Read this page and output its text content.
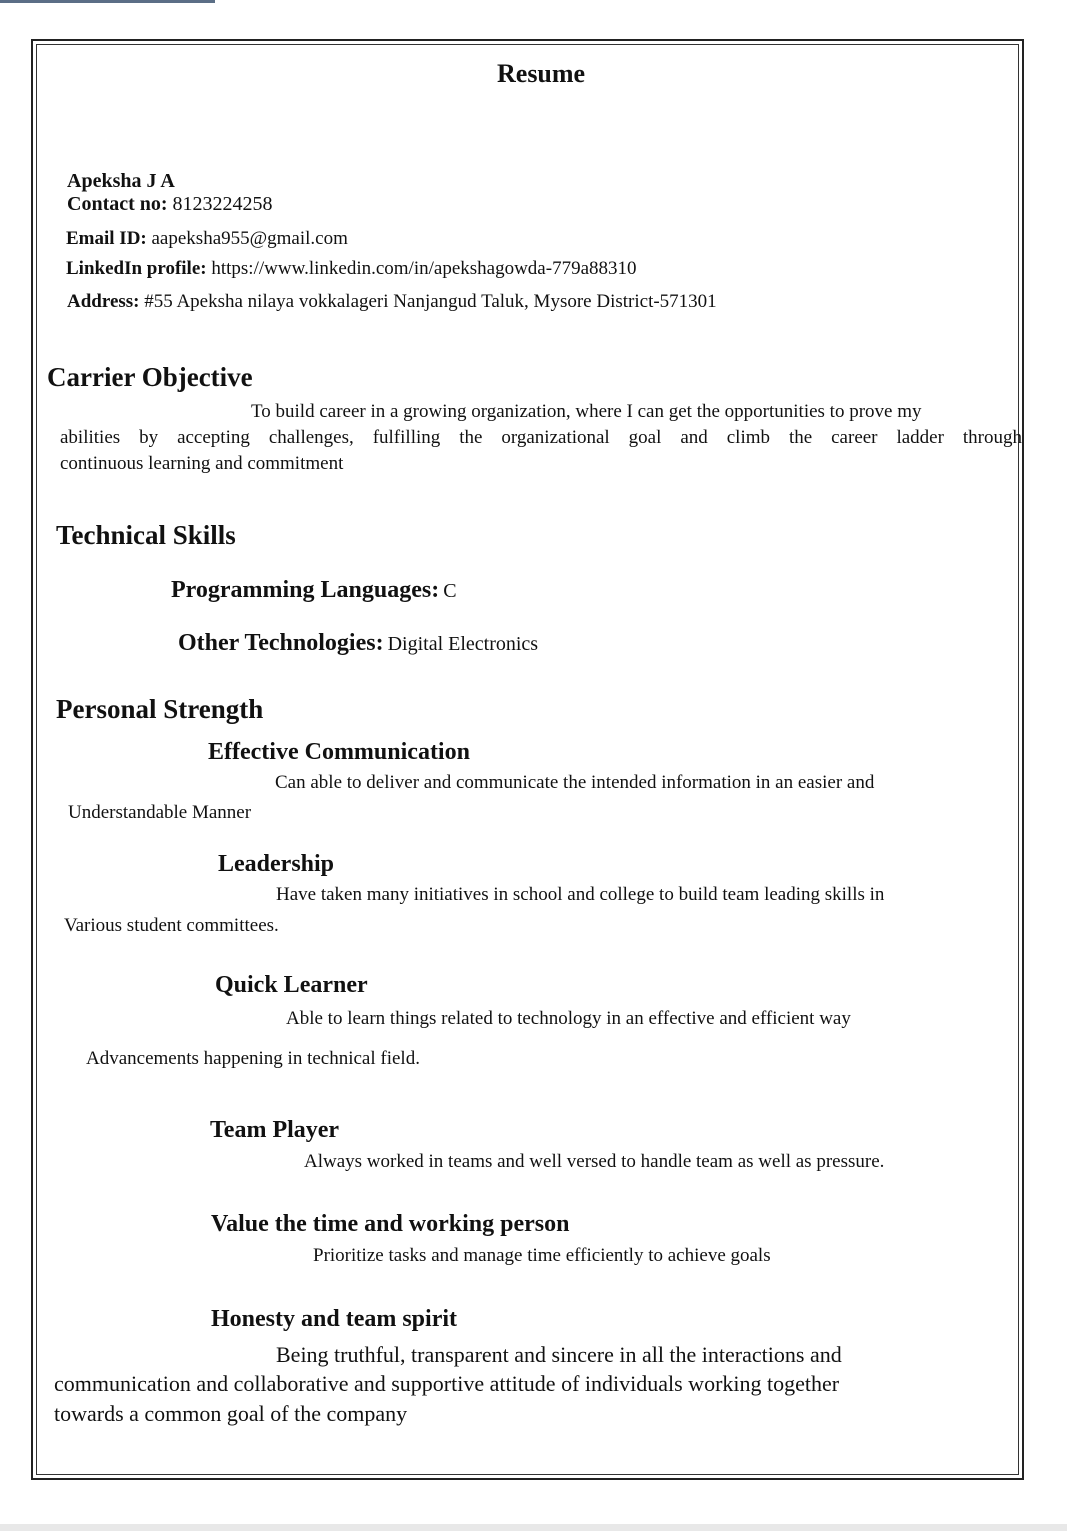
Resume
Apeksha J A
Contact no: 8123224258
Email ID: aapeksha955@gmail.com
LinkedIn profile: https://www.linkedin.com/in/apekshagowda-779a88310
Address: #55 Apeksha nilaya vokkalageri Nanjangud Taluk, Mysore District-571301
Carrier Objective
To build career in a growing organization, where I can get the opportunities to prove my
abilities by accepting challenges, fulfilling the organizational goal and climb the career ladder through
continuous learning and commitment
Technical Skills
Programming Languages: C
Other Technologies: Digital Electronics
Personal Strength
Effective Communication
Can able to deliver and communicate the intended information in an easier and
Understandable Manner
Leadership
Have taken many initiatives in school and college to build team leading skills in
Various student committees.
Quick Learner
Able to learn things related to technology in an effective and efficient way
Advancements happening in technical field.
Team Player
Always worked in teams and well versed to handle team as well as pressure.
Value the time and working person
Prioritize tasks and manage time efficiently to achieve goals
Honesty and team spirit
Being truthful, transparent and sincere in all the interactions and
communication and collaborative and supportive attitude of individuals working together
towards a common goal of the company
